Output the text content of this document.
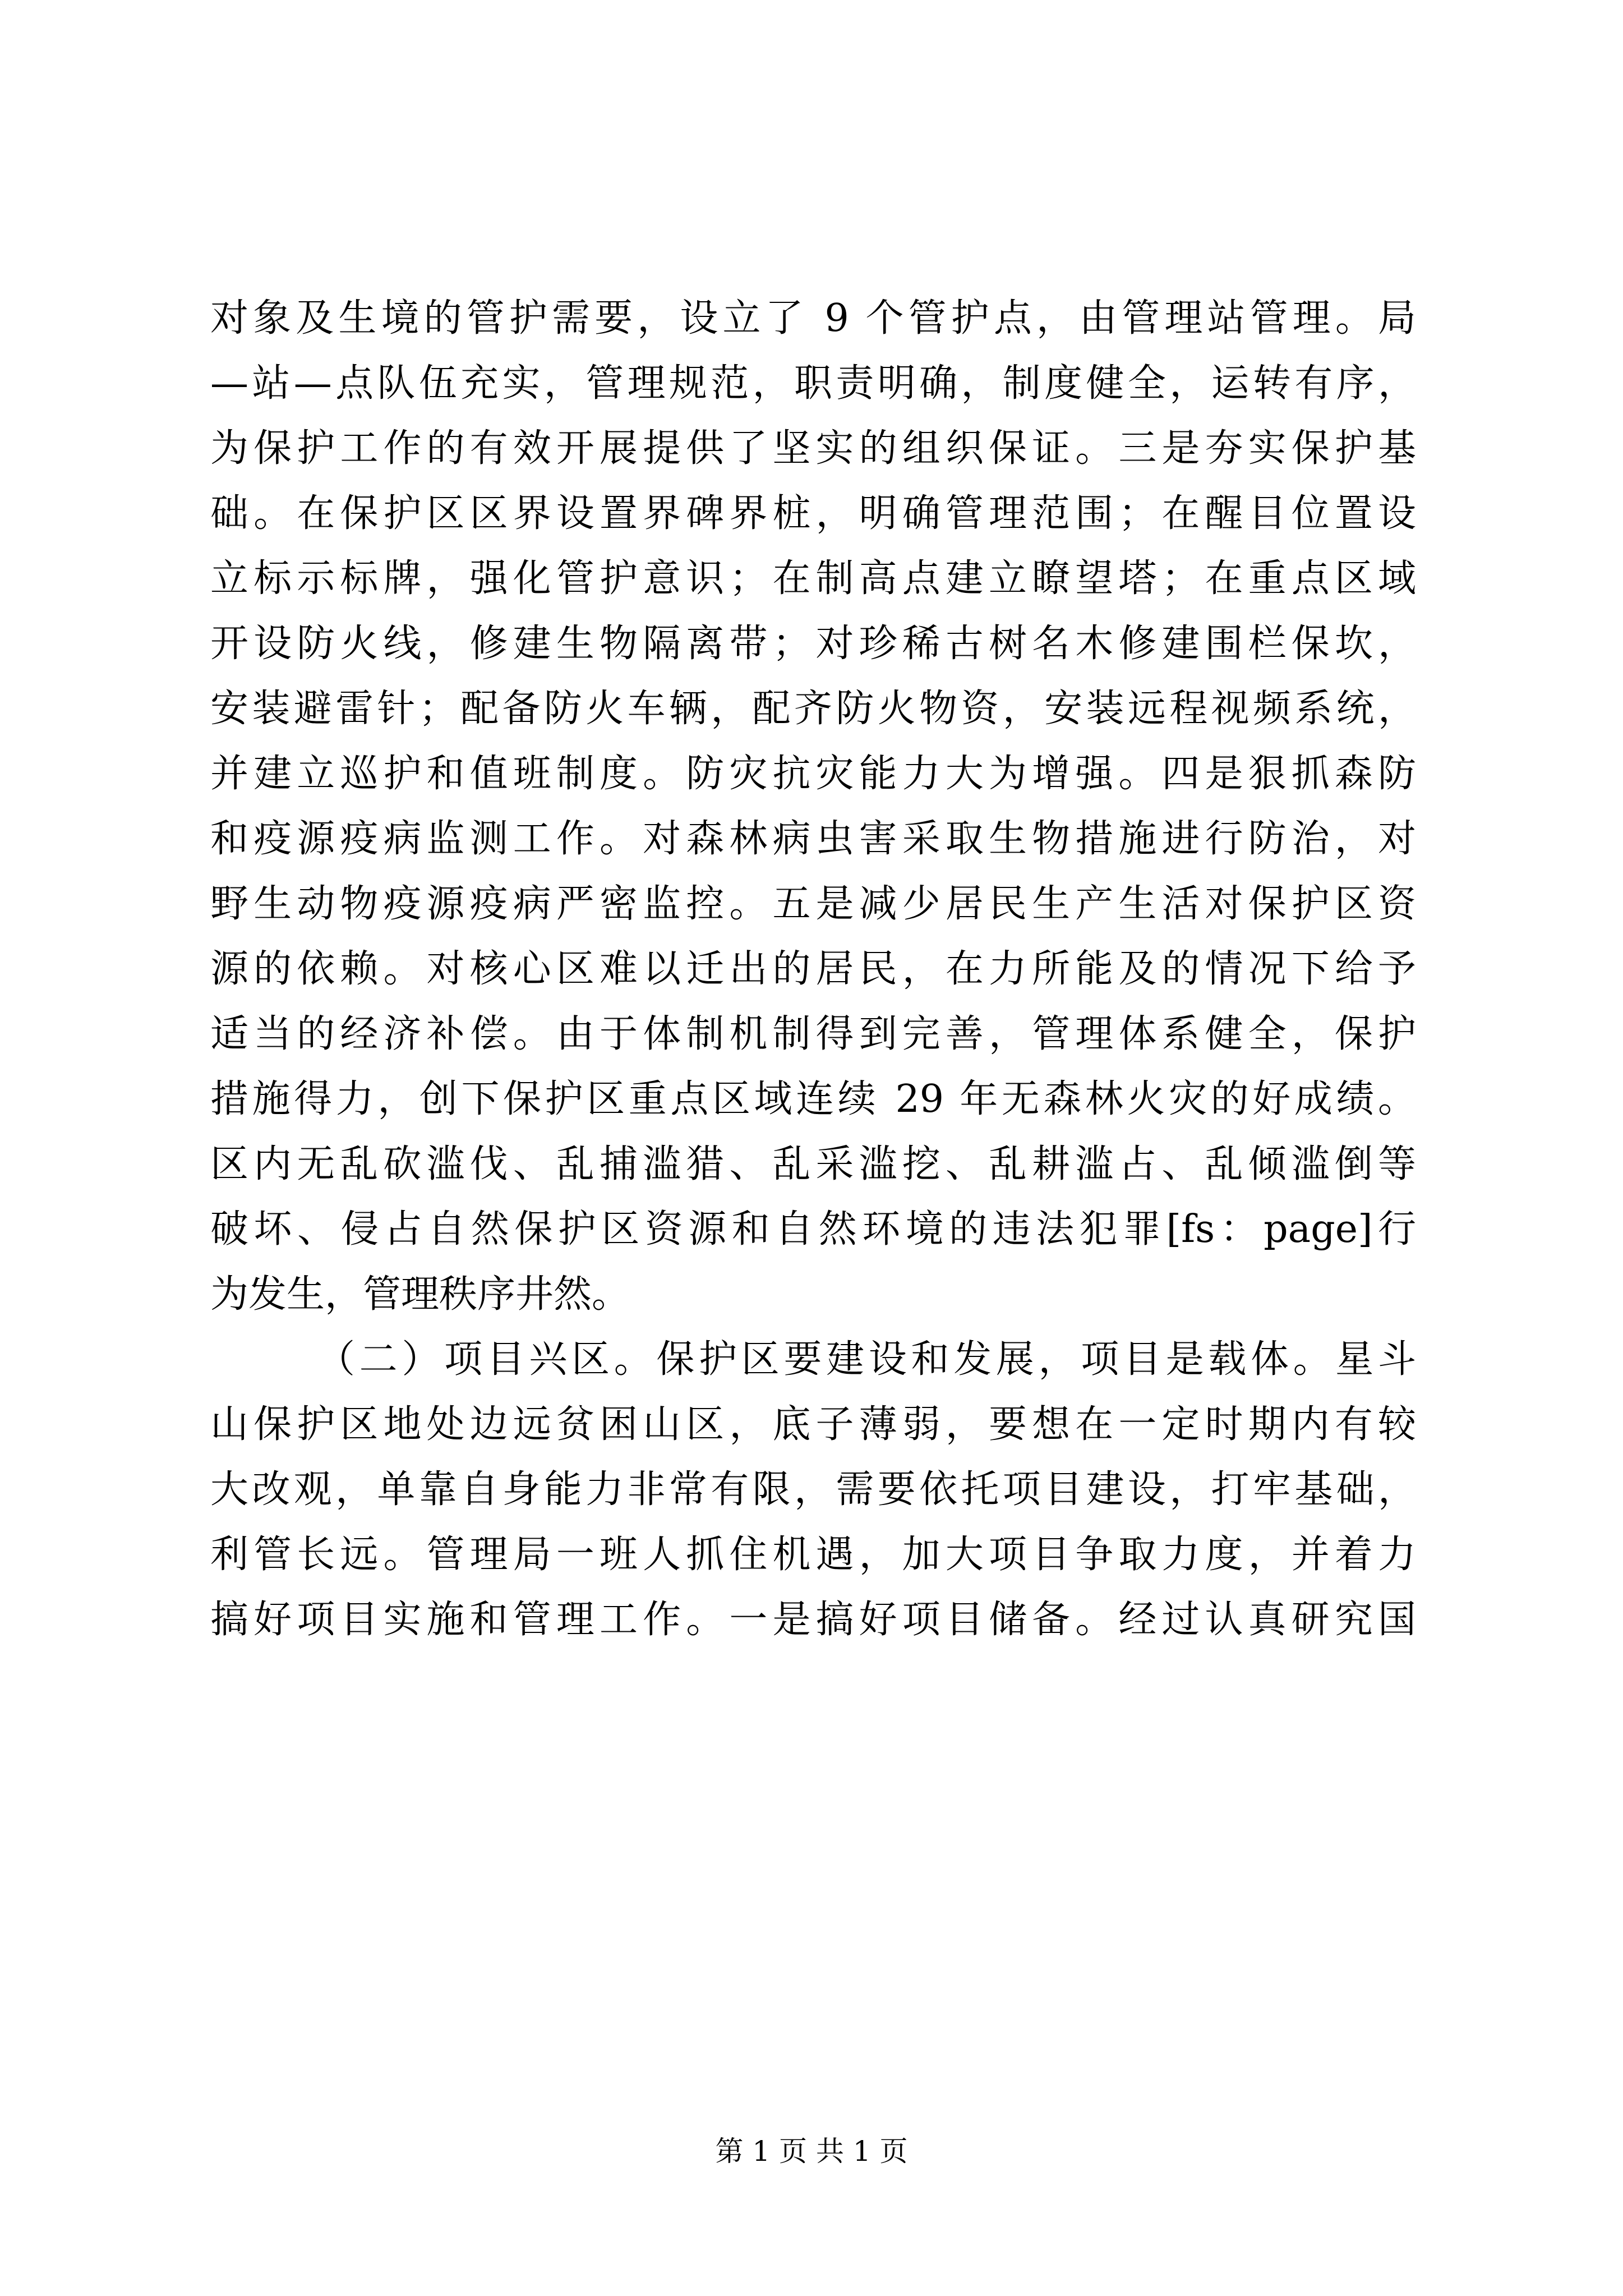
对象及生境的管护需要，设立了 9 个管护点，由管理站管理。局
—站—点队伍充实，管理规范，职责明确，制度健全，运转有序，
为保护工作的有效开展提供了坚实的组织保证。三是夯实保护基
础。在保护区区界设置界碑界桩，明确管理范围；在醒目位置设
立标示标牌，强化管护意识；在制高点建立瞭望塔；在重点区域
开设防火线，修建生物隔离带；对珍稀古树名木修建围栏保坎，
安装避雷针；配备防火车辆，配齐防火物资，安装远程视频系统，
并建立巡护和值班制度。防灾抗灾能力大为增强。四是狠抓森防
和疫源疫病监测工作。对森林病虫害采取生物措施进行防治，对
野生动物疫源疫病严密监控。五是减少居民生产生活对保护区资
源的依赖。对核心区难以迁出的居民，在力所能及的情况下给予
适当的经济补偿。由于体制机制得到完善，管理体系健全，保护
措施得力，创下保护区重点区域连续 29 年无森林火灾的好成绩。
区内无乱砍滥伐、乱捕滥猎、乱采滥挖、乱耕滥占、乱倾滥倒等
破坏、侵占自然保护区资源和自然环境的违法犯罪[fs：page]行
为发生，管理秩序井然。
（二）项目兴区。保护区要建设和发展，项目是载体。星斗
山保护区地处边远贫困山区，底子薄弱，要想在一定时期内有较
大改观，单靠自身能力非常有限，需要依托项目建设，打牢基础，
利管长远。管理局一班人抓住机遇，加大项目争取力度，并着力
搞好项目实施和管理工作。一是搞好项目储备。经过认真研究国
第 1 页 共 1 页
